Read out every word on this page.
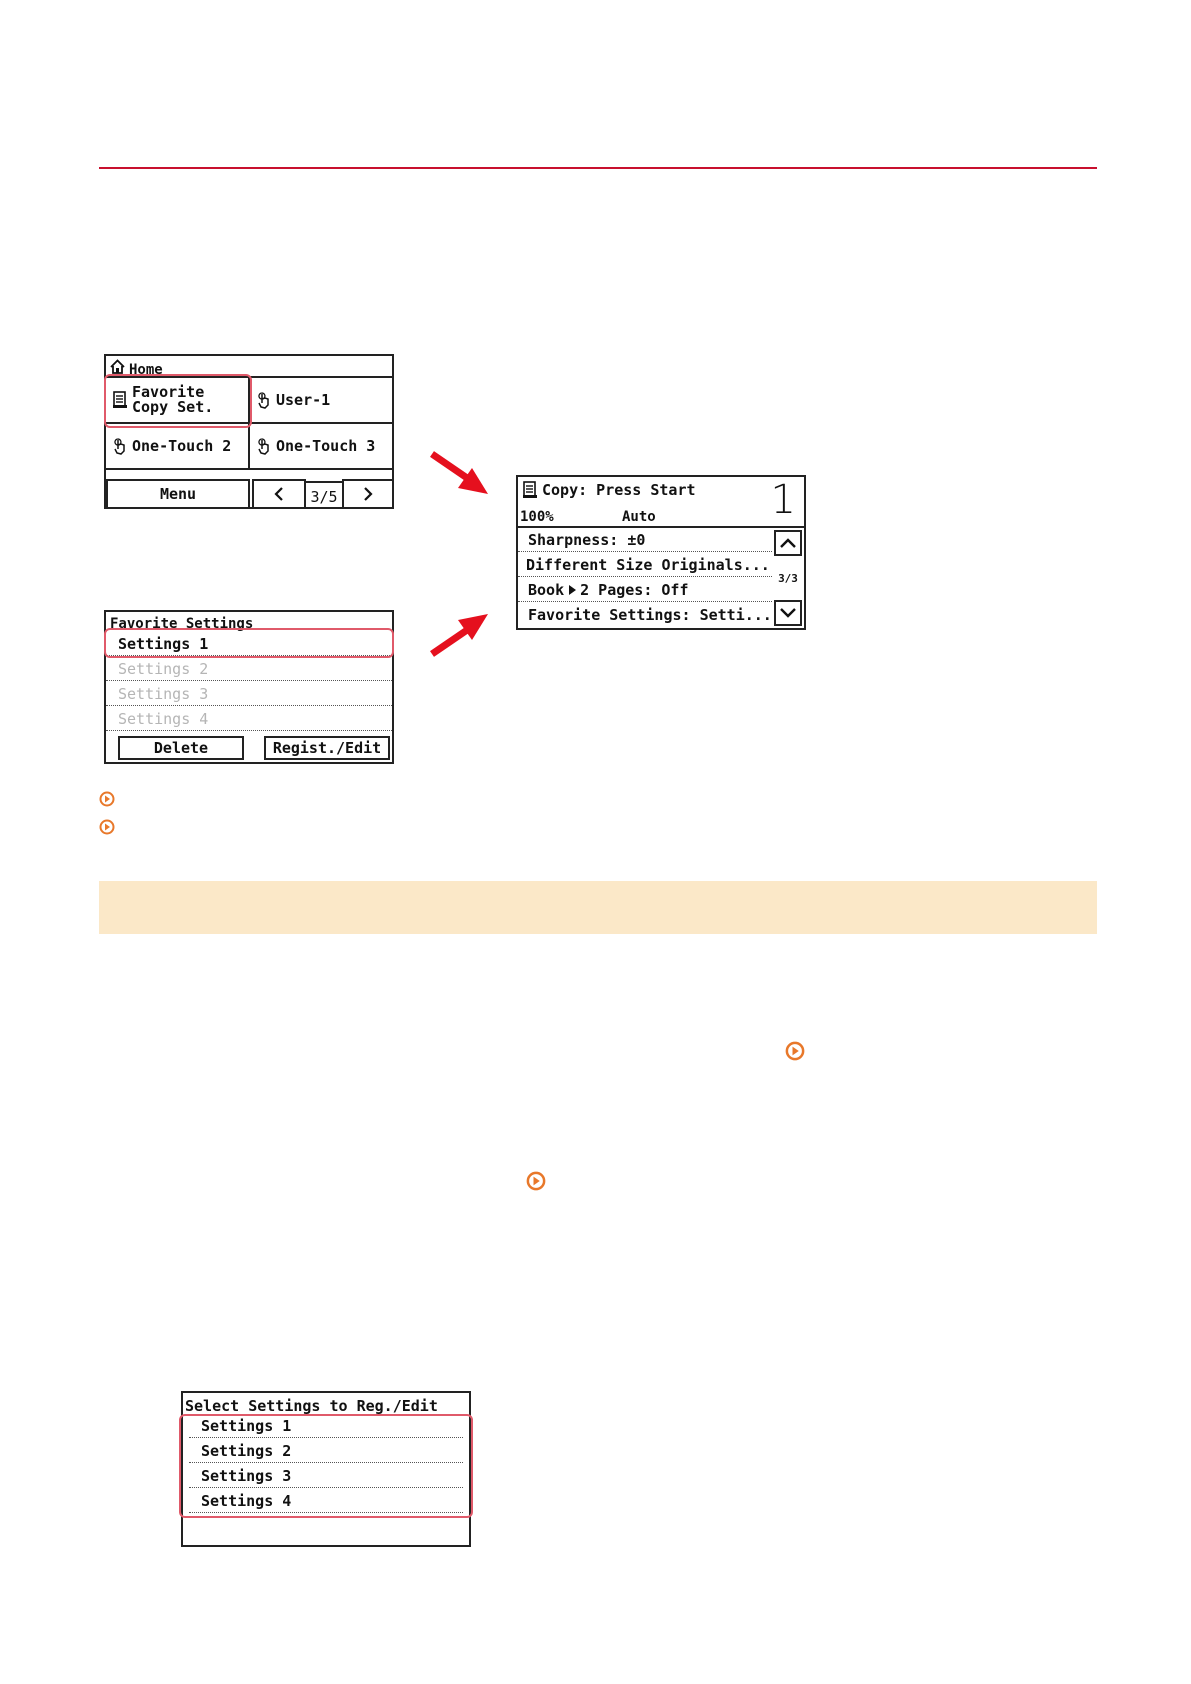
Home
Favorite
Copy Set.	User-1
One-Touch 2	One-Touch 3
Menu	3/5
Favorite Settings
Settings 1
Settings 2
Settings 3
Settings 4
Delete	Regist./Edit
Copy: Press Start
100%	Auto	1
Sharpness: ±0
Different Size Originals...
Book 2 Pages: Off
Favorite Settings: Setti...
3/3
Select Settings to Reg./Edit
Settings 1
Settings 2
Settings 3
Settings 4
